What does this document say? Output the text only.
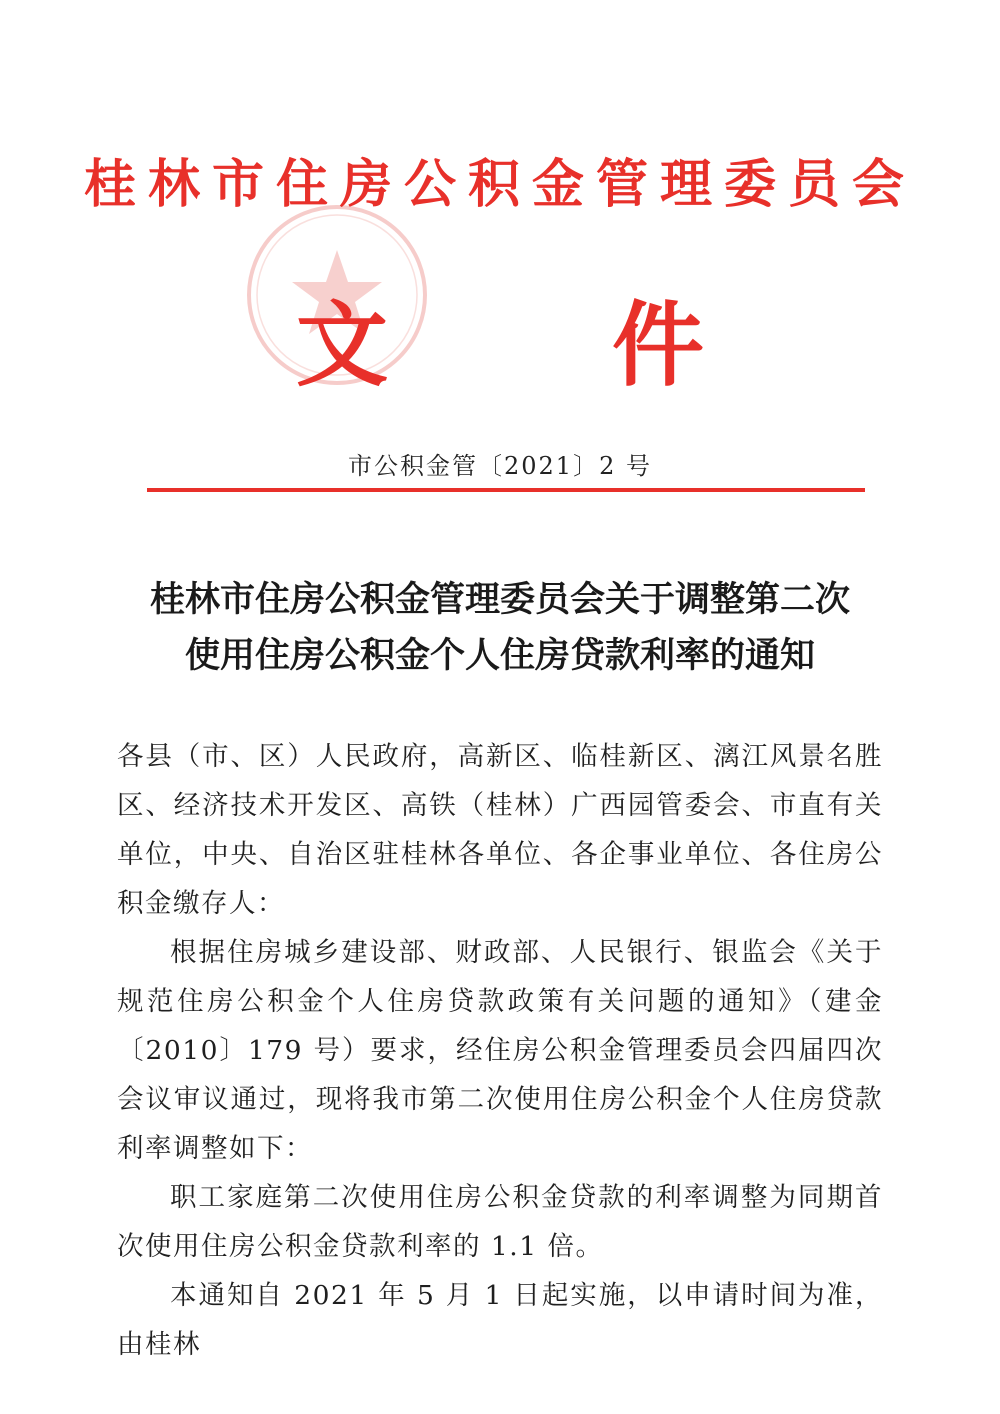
桂林市住房公积金管理委员会
文 件
市公积金管〔2021〕2 号
桂林市住房公积金管理委员会关于调整第二次
使用住房公积金个人住房贷款利率的通知

各县（市、区）人民政府，高新区、临桂新区、漓江风景名胜区、经济技术开发区、高铁（桂林）广西园管委会、市直有关单位，中央、自治区驻桂林各单位、各企事业单位、各住房公积金缴存人：

根据住房城乡建设部、财政部、人民银行、银监会《关于规范住房公积金个人住房贷款政策有关问题的通知》（建金〔2010〕179 号）要求，经住房公积金管理委员会四届四次会议审议通过，现将我市第二次使用住房公积金个人住房贷款利率调整如下：

职工家庭第二次使用住房公积金贷款的利率调整为同期首次使用住房公积金贷款利率的 1.1 倍。

本通知自 2021 年 5 月 1 日起实施，以申请时间为准，由桂林
